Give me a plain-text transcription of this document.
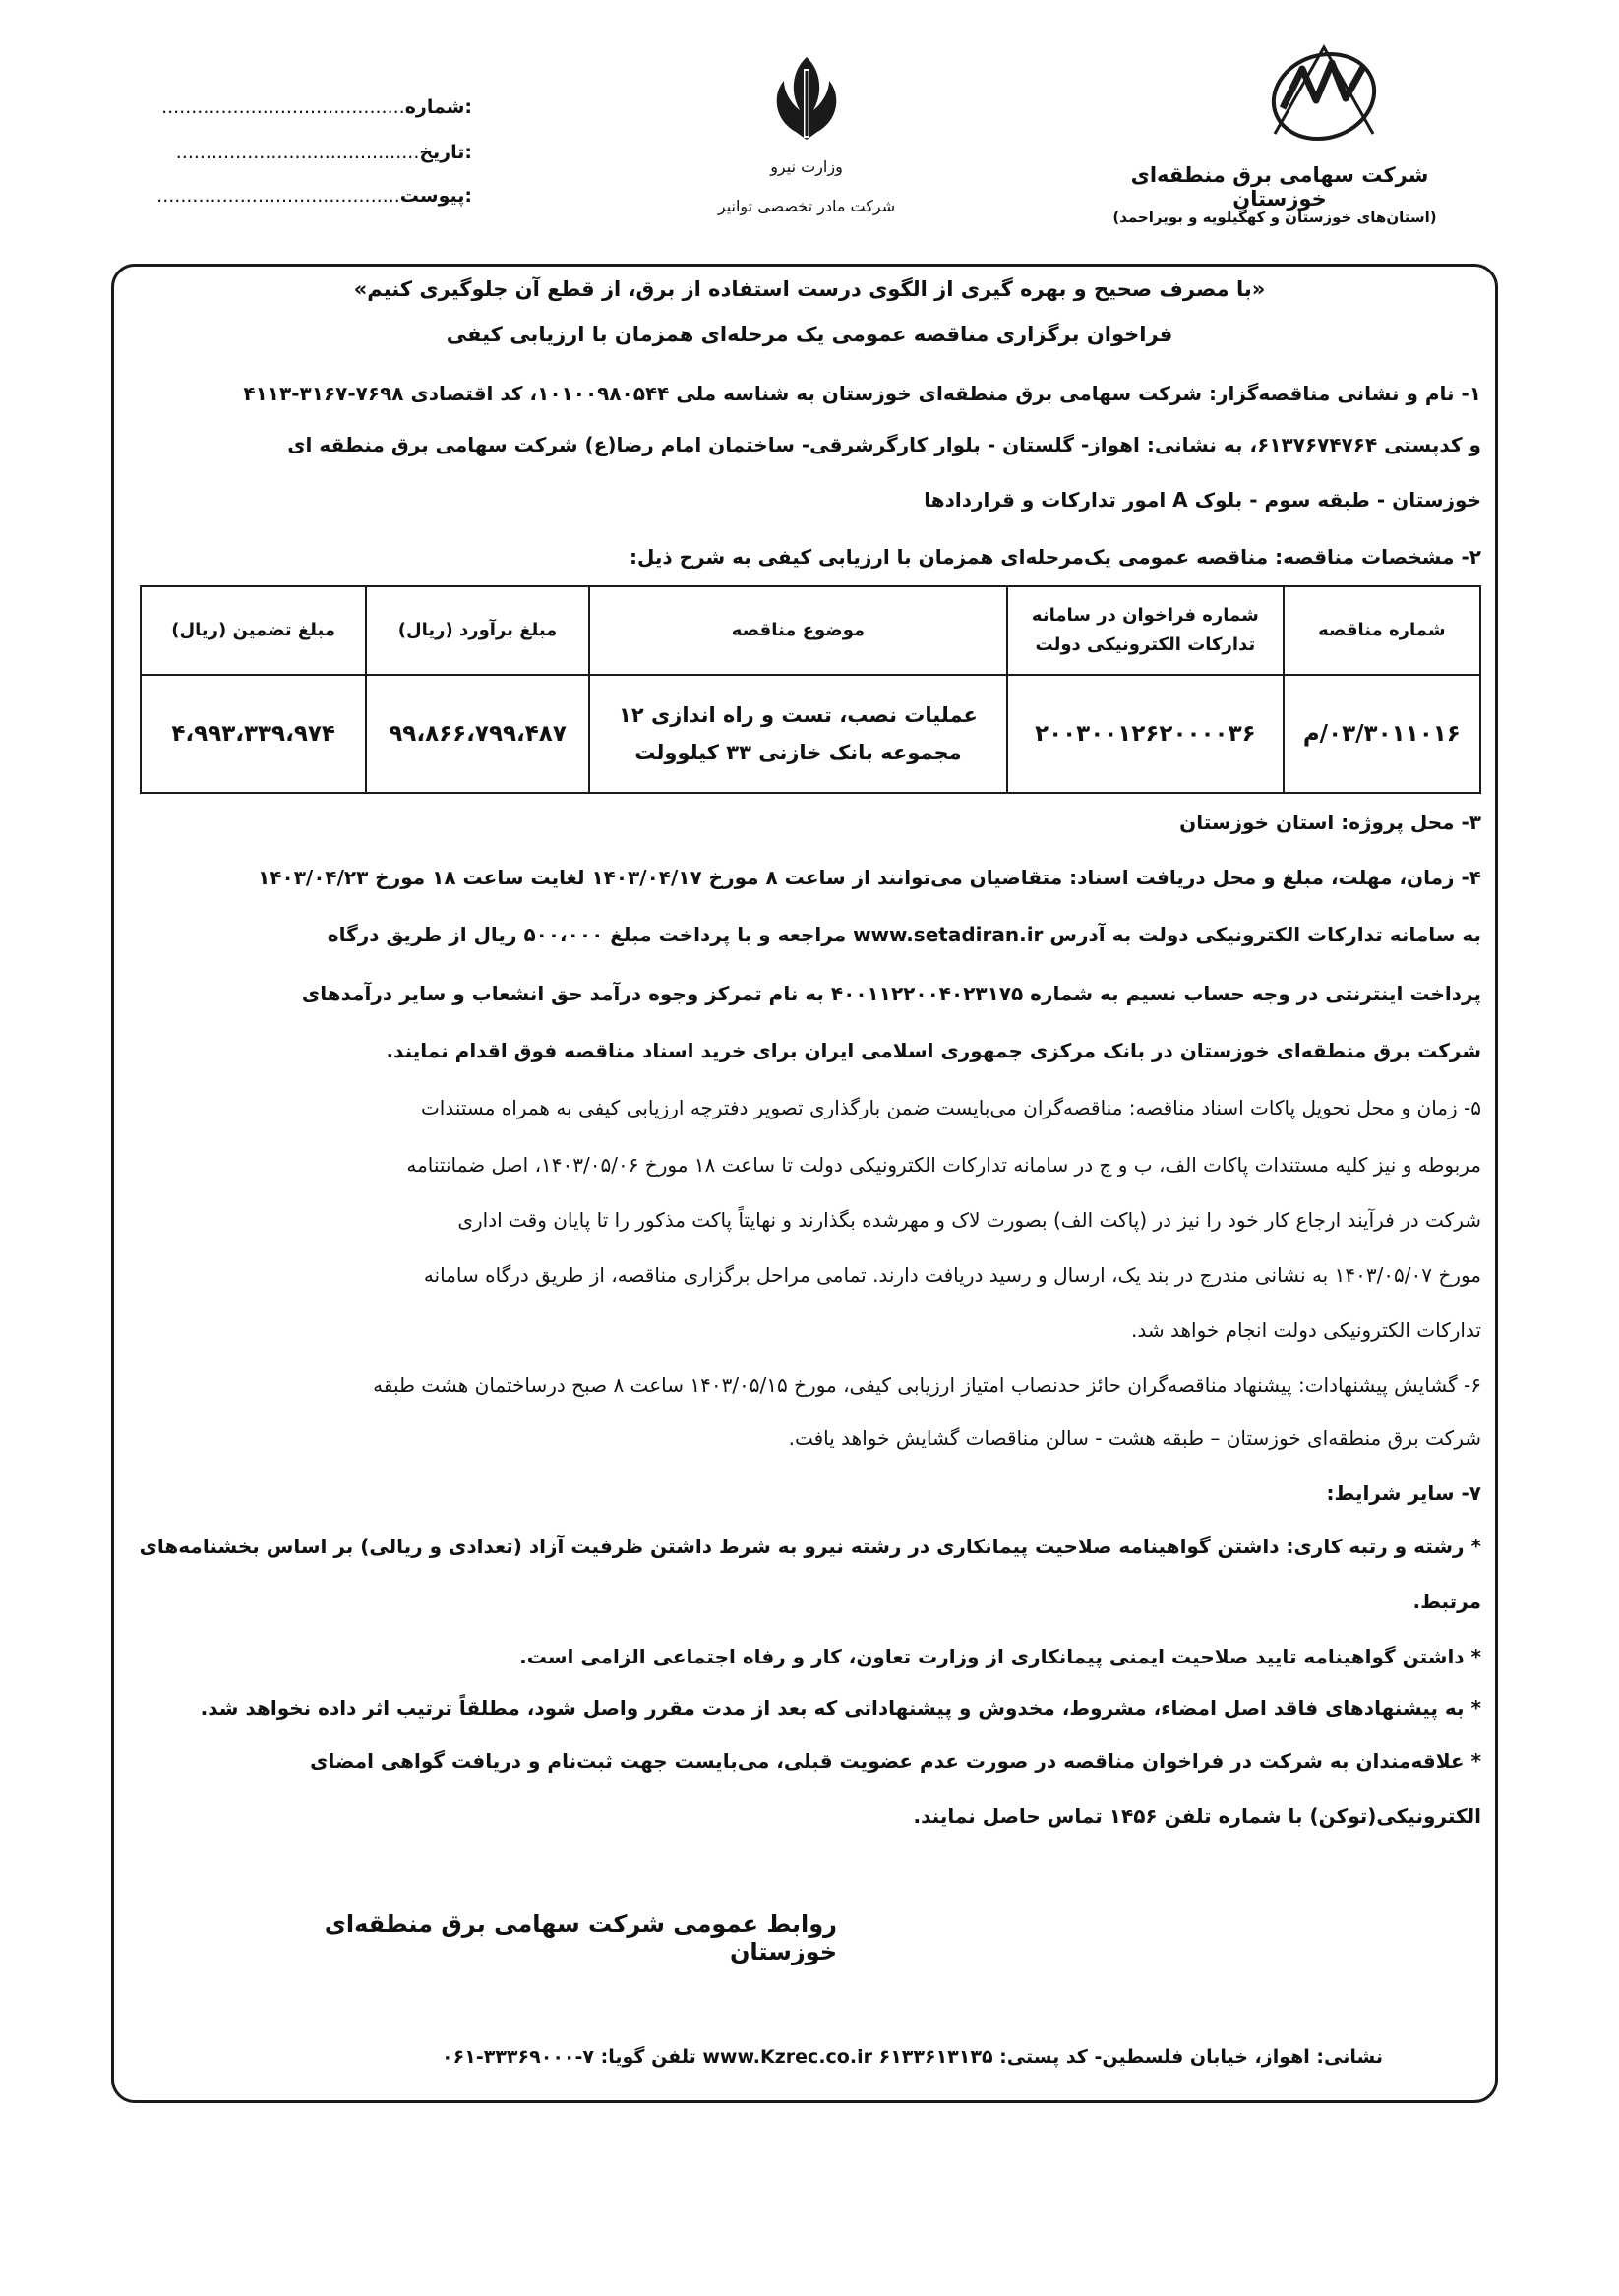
شرکت سهامی برق منطقه‌ای خوزستان
(استان‌های خوزستان و کهگیلویه و بویراحمد)
وزارت نیرو
شرکت مادر تخصصی توانیر
:شماره.........................................
:تاریخ.........................................
:پیوست.........................................
«با مصرف صحیح و بهره گیری از الگوی درست استفاده از برق، از قطع آن جلوگیری کنیم»
فراخوان برگزاری مناقصه عمومی یک مرحله‌ای همزمان با ارزیابی کیفی
۱- نام و نشانی مناقصه‌گزار: شرکت سهامی برق منطقه‌ای خوزستان به شناسه ملی ۱۰۱۰۰۹۸۰۵۴۴، کد اقتصادی ۷۶۹۸-۳۱۶۷-۴۱۱۳
و کدپستی ۶۱۳۷۶۷۴۷۶۴، به نشانی: اهواز- گلستان - بلوار کارگرشرقی- ساختمان امام رضا(ع) شرکت سهامی برق منطقه ای
خوزستان - طبقه سوم - بلوک A امور تدارکات و قراردادها
۲- مشخصات مناقصه: مناقصه عمومی یک‌مرحله‌ای همزمان با ارزیابی کیفی به شرح ذیل:
شماره مناقصه	شماره فراخوان در سامانه تدارکات الکترونیکی دولت	موضوع مناقصه	مبلغ برآورد (ریال)	مبلغ تضمین (ریال)
۰۳/۳۰۱۱۰۱۶/م	۲۰۰۳۰۰۱۲۶۲۰۰۰۰۳۶	عملیات نصب، تست و راه اندازی ۱۲ مجموعه بانک خازنی ۳۳ کیلوولت	۹۹،۸۶۶،۷۹۹،۴۸۷	۴،۹۹۳،۳۳۹،۹۷۴
۳- محل پروژه: استان خوزستان
۴- زمان، مهلت، مبلغ و محل دریافت اسناد: متقاضیان می‌توانند از ساعت ۸ مورخ ۱۴۰۳/۰۴/۱۷ لغایت ساعت ۱۸ مورخ ۱۴۰۳/۰۴/۲۳
به سامانه تدارکات الکترونیکی دولت به آدرس www.setadiran.ir مراجعه و با پرداخت مبلغ ۵۰۰،۰۰۰ ریال از طریق درگاه
پرداخت اینترنتی در وجه حساب نسیم به شماره ۴۰۰۱۱۲۲۰۰۴۰۲۳۱۷۵ به نام تمرکز وجوه درآمد حق انشعاب و سایر درآمدهای
شرکت برق منطقه‌ای خوزستان در بانک مرکزی جمهوری اسلامی ایران برای خرید اسناد مناقصه فوق اقدام نمایند.
۵- زمان و محل تحویل پاکات اسناد مناقصه: مناقصه‌گران می‌بایست ضمن بارگذاری تصویر دفترچه ارزیابی کیفی به همراه مستندات
مربوطه و نیز کلیه مستندات پاکات الف، ب و ج در سامانه تدارکات الکترونیکی دولت تا ساعت ۱۸ مورخ ۱۴۰۳/۰۵/۰۶، اصل ضمانتنامه
شرکت در فرآیند ارجاع کار خود را نیز در (پاکت الف) بصورت لاک و مهرشده بگذارند و نهایتاً پاکت مذکور را تا پایان وقت اداری
مورخ ۱۴۰۳/۰۵/۰۷ به نشانی مندرج در بند یک، ارسال و رسید دریافت دارند. تمامی مراحل برگزاری مناقصه، از طریق درگاه سامانه
تدارکات الکترونیکی دولت انجام خواهد شد.
۶- گشایش پیشنهادات: پیشنهاد مناقصه‌گران حائز حدنصاب امتیاز ارزیابی کیفی، مورخ ۱۴۰۳/۰۵/۱۵ ساعت ۸ صبح درساختمان هشت طبقه
شرکت برق منطقه‌ای خوزستان – طبقه هشت - سالن مناقصات گشایش خواهد یافت.
۷- سایر شرایط:
* رشته و رتبه کاری: داشتن گواهینامه صلاحیت پیمانکاری در رشته نیرو به شرط داشتن ظرفیت آزاد (تعدادی و ریالی) بر اساس بخشنامه‌های
مرتبط.
* داشتن گواهینامه تایید صلاحیت ایمنی پیمانکاری از وزارت تعاون، کار و رفاه اجتماعی الزامی است.
* به پیشنهادهای فاقد اصل امضاء، مشروط، مخدوش و پیشنهاداتی که بعد از مدت مقرر واصل شود، مطلقاً ترتیب اثر داده نخواهد شد.
* علاقه‌مندان به شرکت در فراخوان مناقصه در صورت عدم عضویت قبلی، می‌بایست جهت ثبت‌نام و دریافت گواهی امضای
الکترونیکی(توکن) با شماره تلفن ۱۴۵۶ تماس حاصل نمایند.
روابط عمومی شرکت سهامی برق منطقه‌ای خوزستان
نشانی: اهواز، خیابان فلسطین- کد پستی: ۶۱۳۳۶۱۳۱۳۵ www.Kzrec.co.ir تلفن گویا: ۷-۳۳۳۶۹۰۰۰-۰۶۱
